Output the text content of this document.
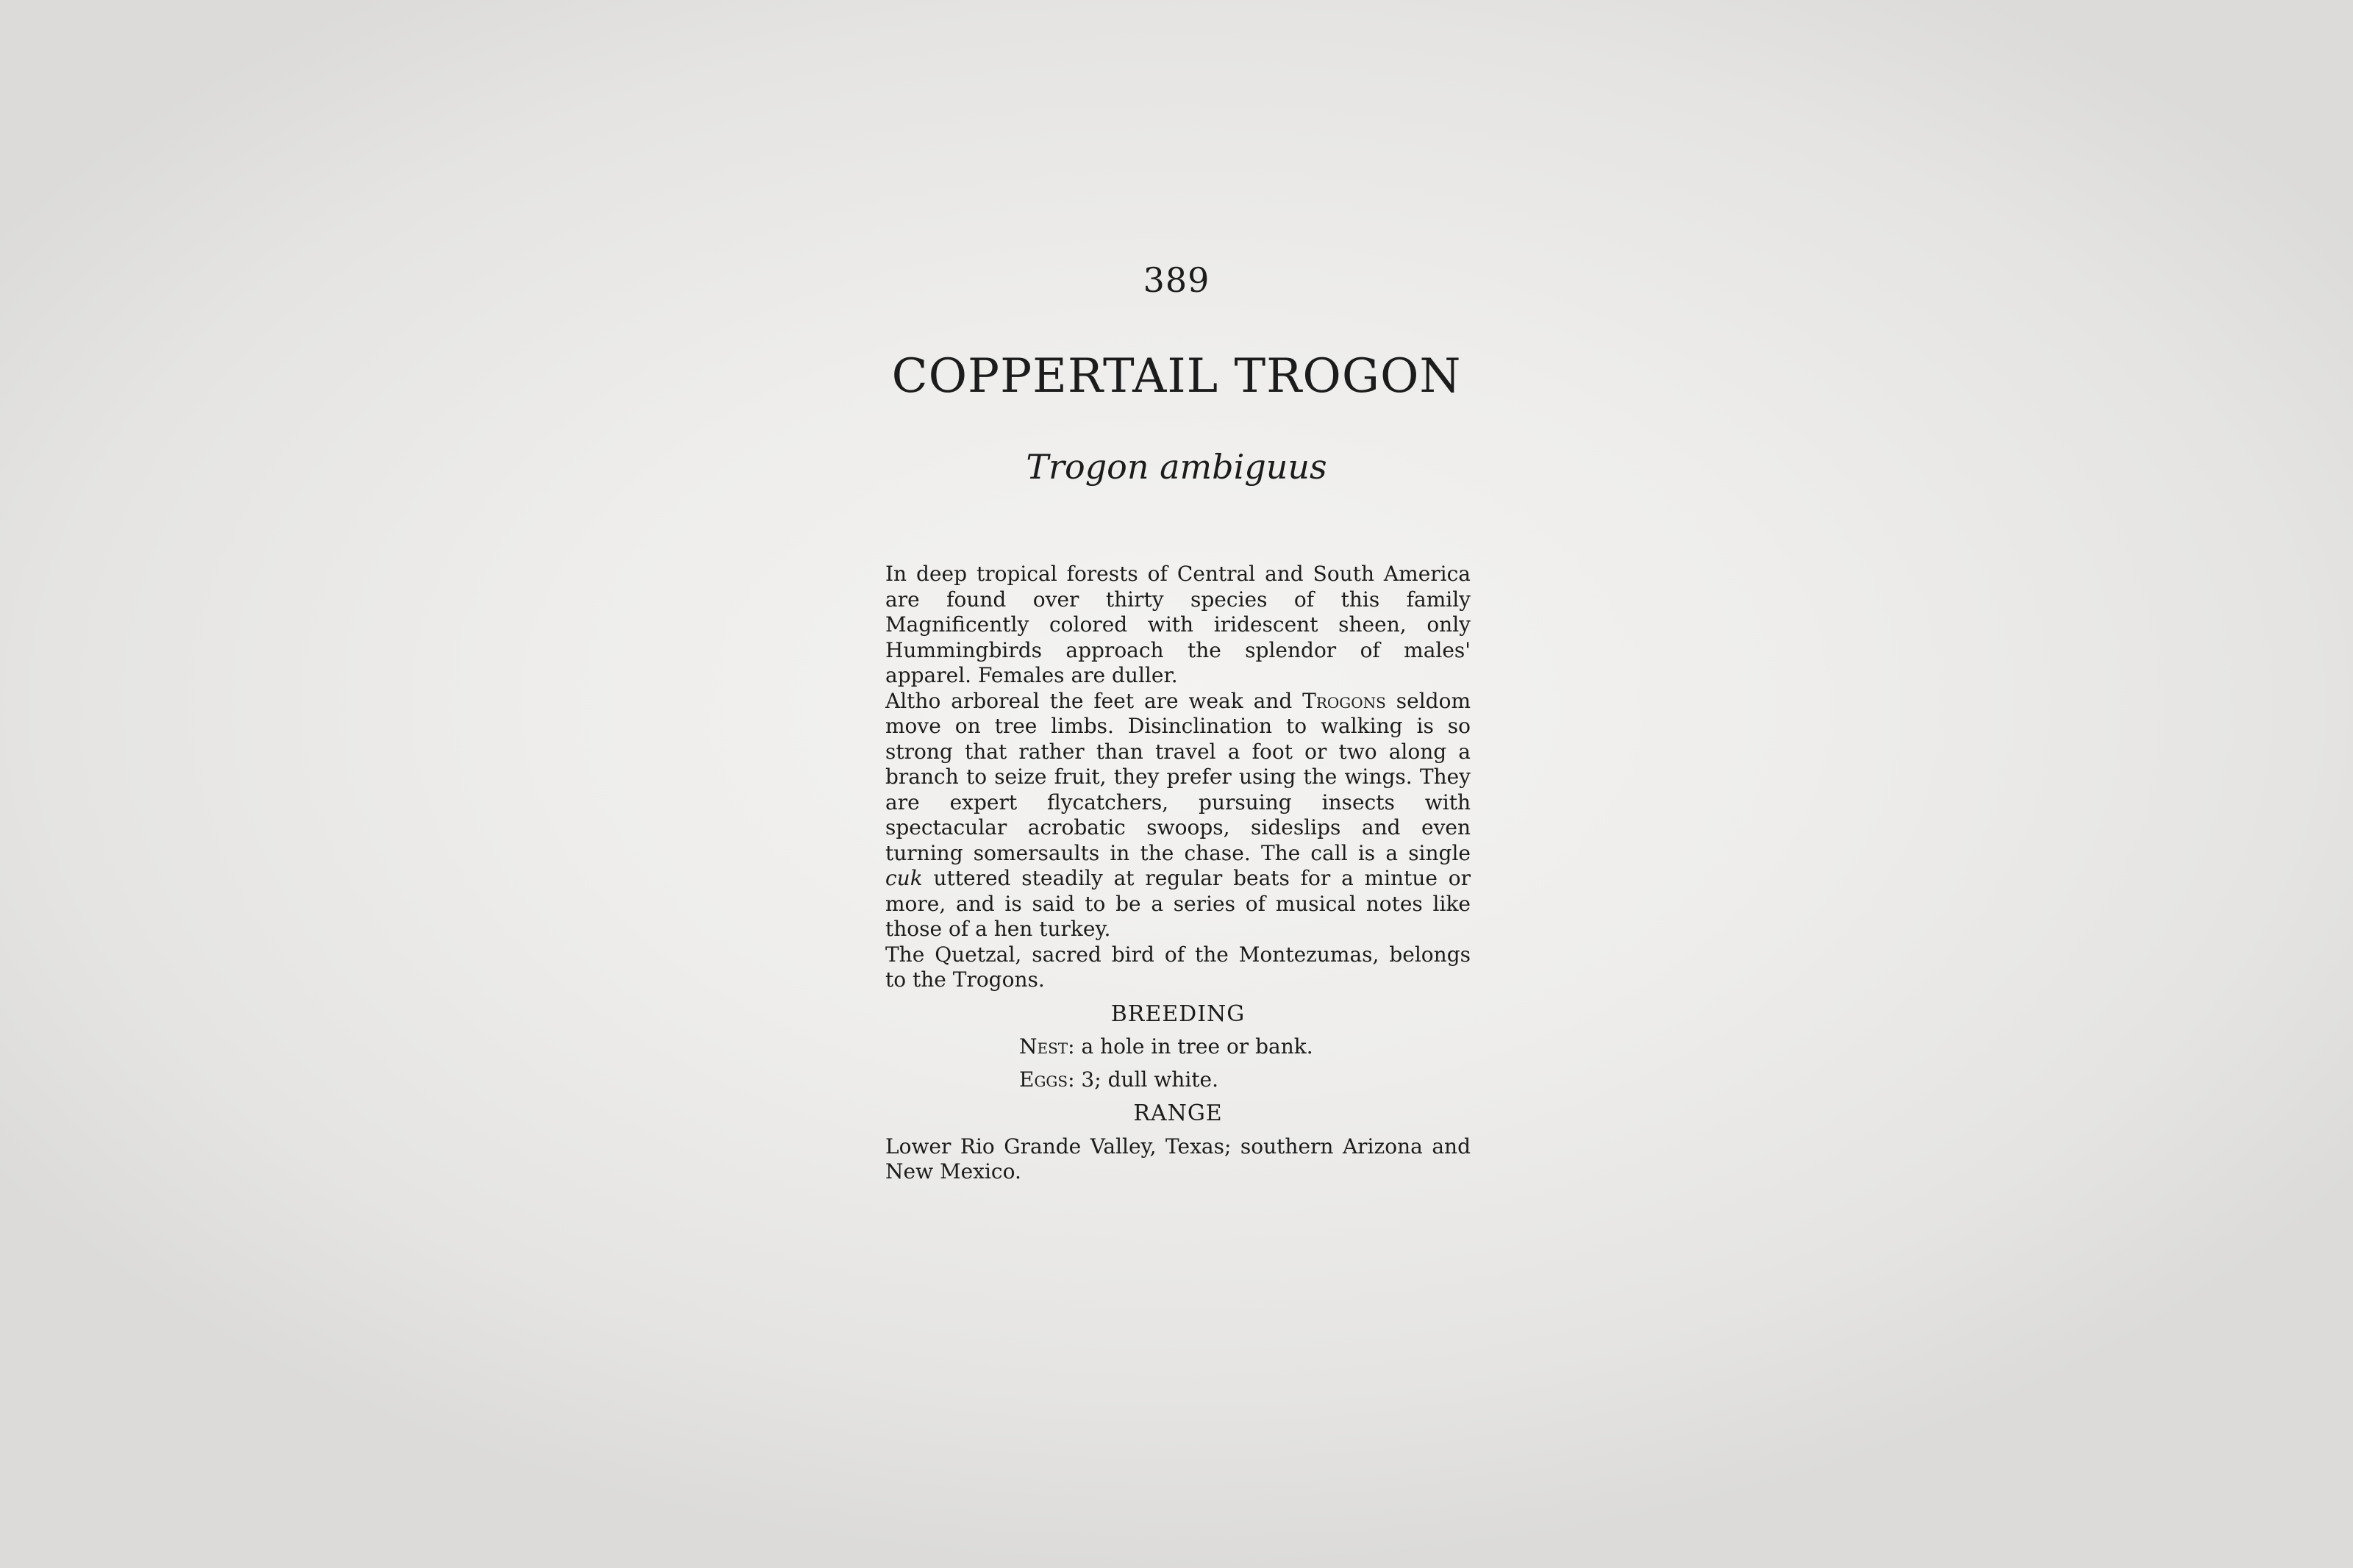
389
COPPERTAIL TROGON
Trogon ambiguus

In deep tropical forests of Central and South America are found over thirty species of this family Magnificently colored with iridescent sheen, only Hummingbirds approach the splendor of males' apparel. Females are duller.

Altho arboreal the feet are weak and Trogons seldom move on tree limbs. Disinclination to walking is so strong that rather than travel a foot or two along a branch to seize fruit, they prefer using the wings. They are expert flycatchers, pursuing insects with spectacular acrobatic swoops, sideslips and even turning somersaults in the chase. The call is a single cuk uttered steadily at regular beats for a mintue or more, and is said to be a series of musical notes like those of a hen turkey.

The Quetzal, sacred bird of the Montezumas, belongs to the Trogons.

BREEDING
Nest: a hole in tree or bank.
Eggs: 3; dull white.
RANGE

Lower Rio Grande Valley, Texas; southern Arizona and New Mexico.
